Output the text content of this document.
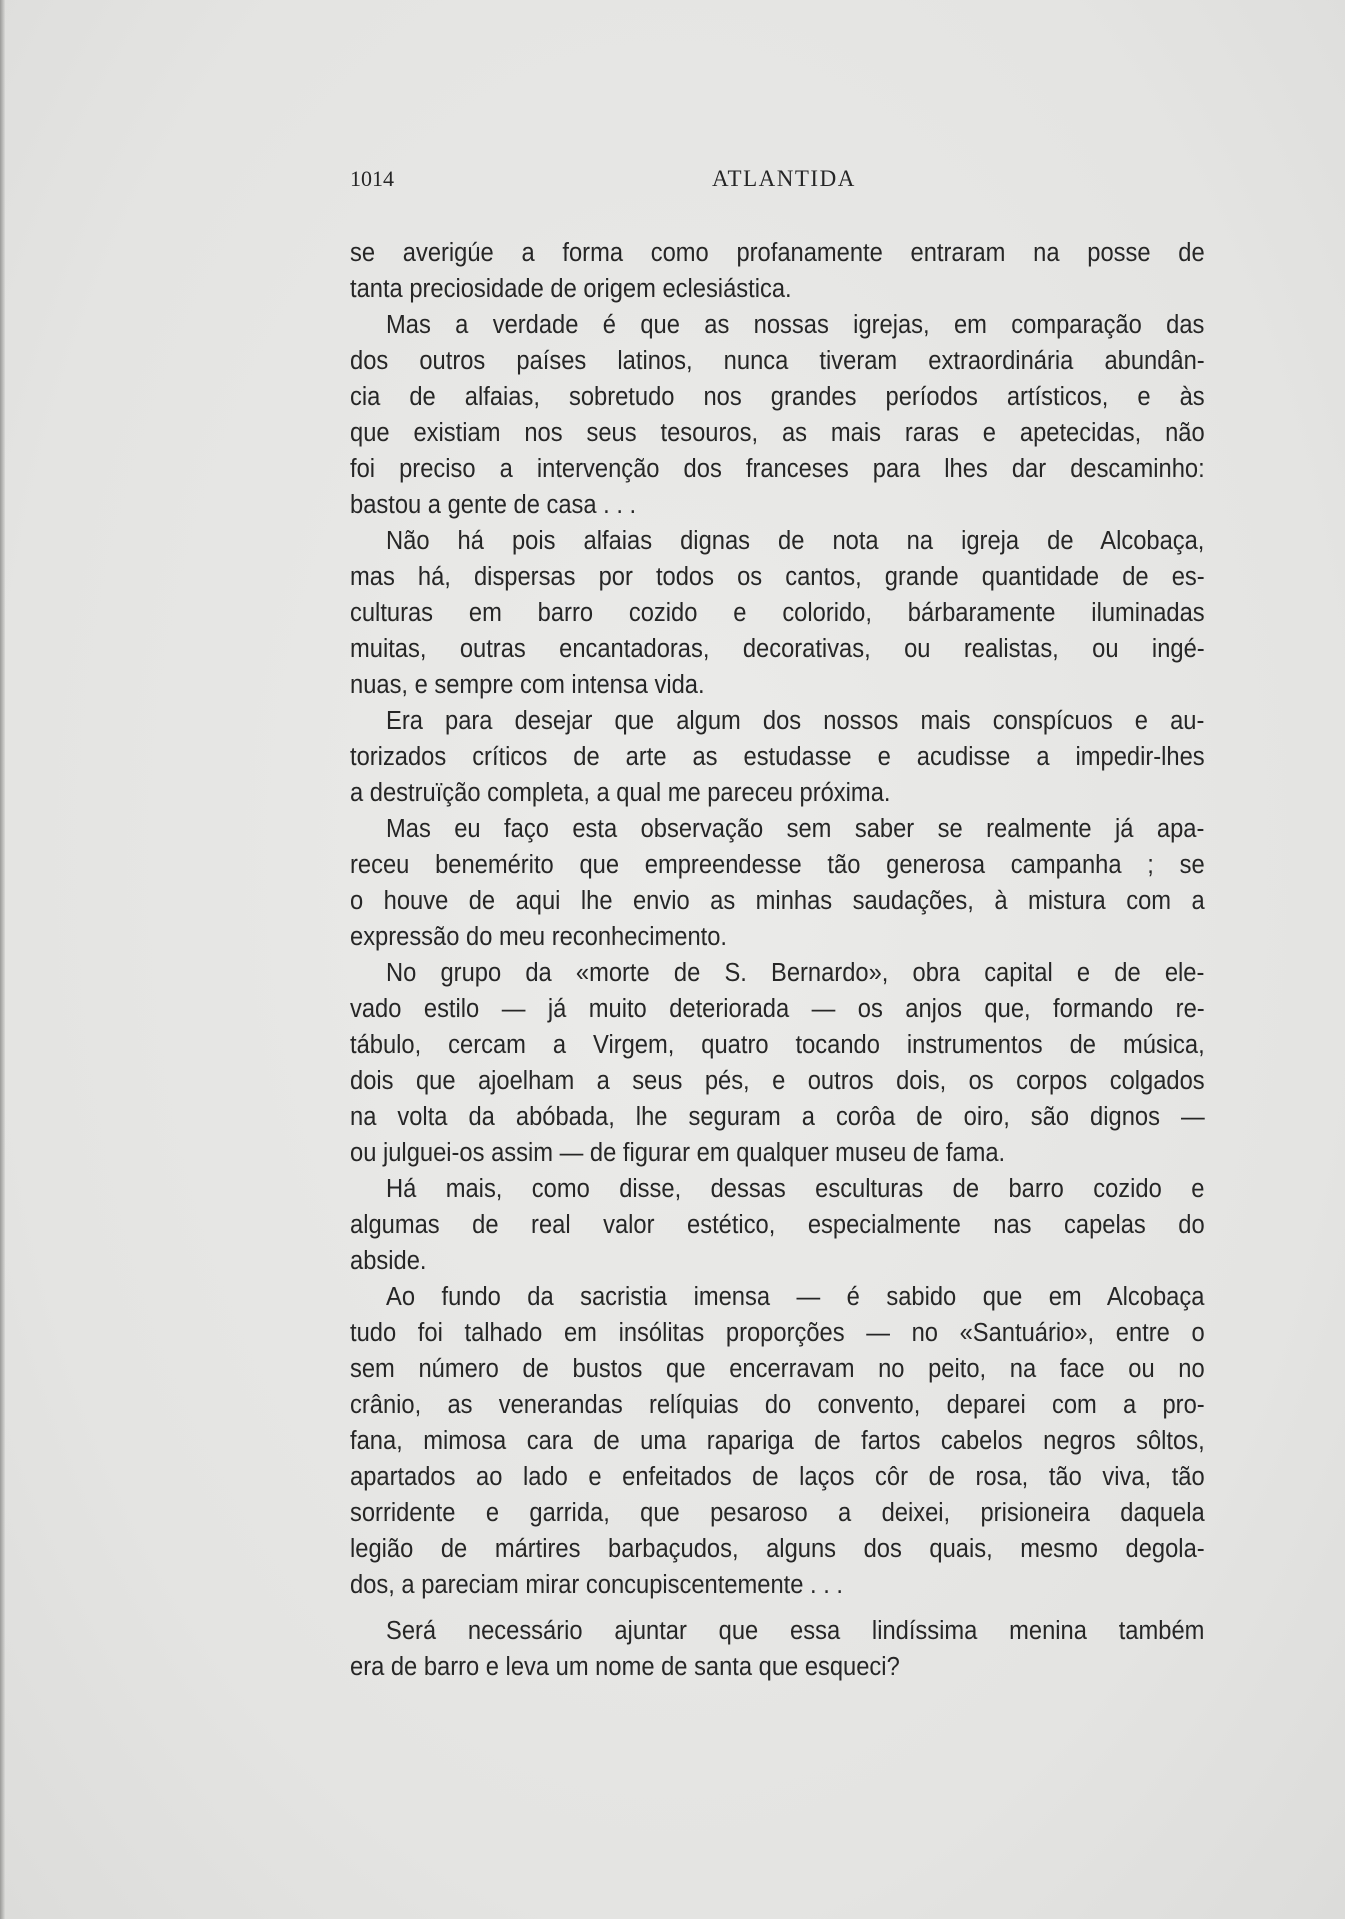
1014	ATLANTIDA
se averigúe a forma como profanamente entraram na posse de
tanta preciosidade de origem eclesiástica.
Mas a verdade é que as nossas igrejas, em comparação das
dos outros países latinos, nunca tiveram extraordinária abundân-
cia de alfaias, sobretudo nos grandes períodos artísticos, e às
que existiam nos seus tesouros, as mais raras e apetecidas, não
foi preciso a intervenção dos franceses para lhes dar descaminho:
bastou a gente de casa . . .
Não há pois alfaias dignas de nota na igreja de Alcobaça,
mas há, dispersas por todos os cantos, grande quantidade de es-
culturas em barro cozido e colorido, bárbaramente iluminadas
muitas, outras encantadoras, decorativas, ou realistas, ou ingé-
nuas, e sempre com intensa vida.
Era para desejar que algum dos nossos mais conspícuos e au-
torizados críticos de arte as estudasse e acudisse a impedir-lhes
a destruïção completa, a qual me pareceu próxima.
Mas eu faço esta observação sem saber se realmente já apa-
receu benemérito que empreendesse tão generosa campanha ; se
o houve de aqui lhe envio as minhas saudações, à mistura com a
expressão do meu reconhecimento.
No grupo da «morte de S. Bernardo», obra capital e de ele-
vado estilo — já muito deteriorada — os anjos que, formando re-
tábulo, cercam a Virgem, quatro tocando instrumentos de música,
dois que ajoelham a seus pés, e outros dois, os corpos colgados
na volta da abóbada, lhe seguram a corôa de oiro, são dignos —
ou julguei-os assim — de figurar em qualquer museu de fama.
Há mais, como disse, dessas esculturas de barro cozido e
algumas de real valor estético, especialmente nas capelas do
abside.
Ao fundo da sacristia imensa — é sabido que em Alcobaça
tudo foi talhado em insólitas proporções — no «Santuário», entre o
sem número de bustos que encerravam no peito, na face ou no
crânio, as venerandas relíquias do convento, deparei com a pro-
fana, mimosa cara de uma rapariga de fartos cabelos negros sôltos,
apartados ao lado e enfeitados de laços côr de rosa, tão viva, tão
sorridente e garrida, que pesaroso a deixei, prisioneira daquela
legião de mártires barbaçudos, alguns dos quais, mesmo degola-
dos, a pareciam mirar concupiscentemente . . .
Será necessário ajuntar que essa lindíssima menina também
era de barro e leva um nome de santa que esqueci?
